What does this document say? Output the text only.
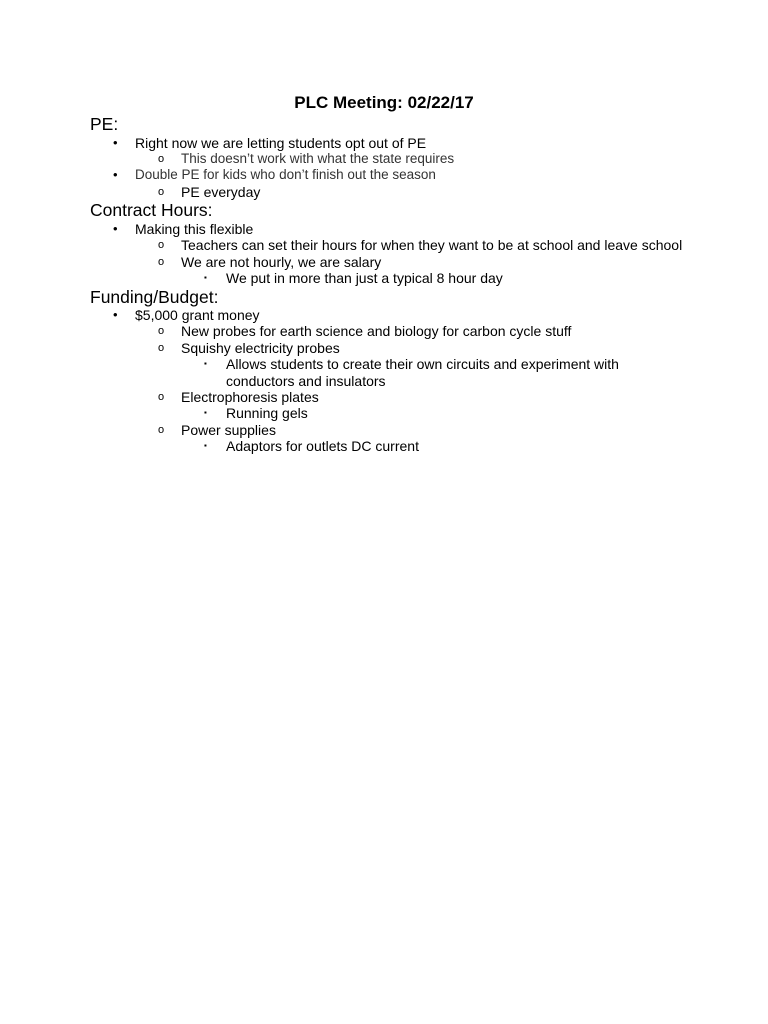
PLC Meeting: 02/22/17
PE:
• Right now we are letting students opt out of PE
o This doesn’t work with what the state requires
• Double PE for kids who don’t finish out the season
o PE everyday
Contract Hours:
• Making this flexible
o Teachers can set their hours for when they want to be at school and leave school
o We are not hourly, we are salary
▪ We put in more than just a typical 8 hour day
Funding/Budget:
• $5,000 grant money
o New probes for earth science and biology for carbon cycle stuff
o Squishy electricity probes
▪ Allows students to create their own circuits and experiment with
conductors and insulators
o Electrophoresis plates
▪ Running gels
o Power supplies
▪ Adaptors for outlets DC current
